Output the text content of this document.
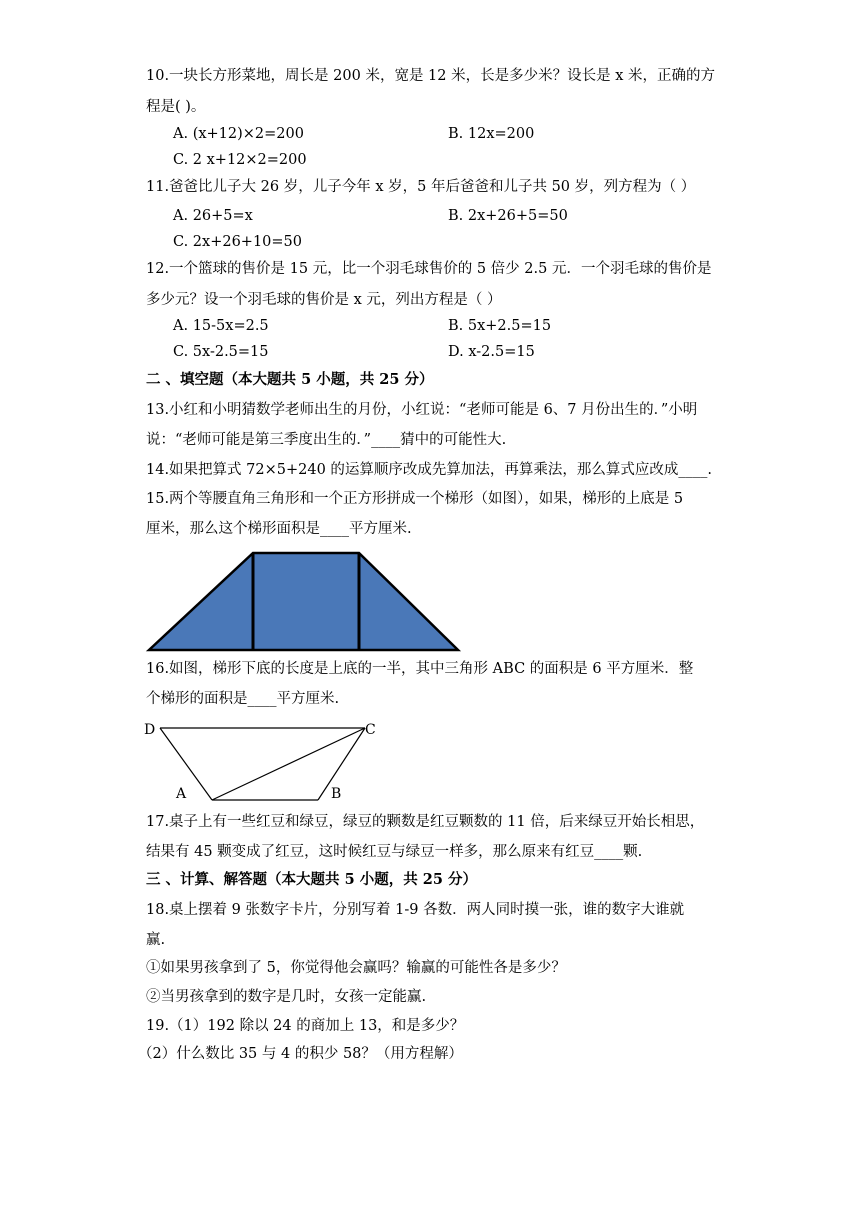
10.一块长方形菜地，周长是 200 米，宽是 12 米，长是多少米？设长是 x 米，正确的方
程是( )。
A. (x+12)×2=200	B. 12x=200
C. 2 x+12×2=200
11.爸爸比儿子大 26 岁，儿子今年 x 岁，5 年后爸爸和儿子共 50 岁，列方程为（ ）
A. 26+5=x	B. 2x+26+5=50
C. 2x+26+10=50
12.一个篮球的售价是 15 元，比一个羽毛球售价的 5 倍少 2.5 元．一个羽毛球的售价是
多少元？设一个羽毛球的售价是 x 元，列出方程是（ ）
A. 15-5x=2.5	B. 5x+2.5=15
C. 5x-2.5=15	D. x-2.5=15
二 、填空题（本大题共 5 小题，共 25 分）
13.小红和小明猜数学老师出生的月份，小红说：“老师可能是 6、7 月份出生的．”小明
说：“老师可能是第三季度出生的．”____猜中的可能性大.
14.如果把算式 72×5+240 的运算顺序改成先算加法，再算乘法，那么算式应改成____.
15.两个等腰直角三角形和一个正方形拼成一个梯形（如图），如果，梯形的上底是 5
厘米，那么这个梯形面积是____平方厘米.
16.如图，梯形下底的长度是上底的一半，其中三角形 ABC 的面积是 6 平方厘米．整
个梯形的面积是____平方厘米.
D	C
A	B
17.桌子上有一些红豆和绿豆，绿豆的颗数是红豆颗数的 11 倍，后来绿豆开始长相思，
结果有 45 颗变成了红豆，这时候红豆与绿豆一样多，那么原来有红豆____颗.
三 、计算、解答题（本大题共 5 小题，共 25 分）
18.桌上摆着 9 张数字卡片，分别写着 1-9 各数．两人同时摸一张，谁的数字大谁就
赢.
①如果男孩拿到了 5，你觉得他会赢吗？输赢的可能性各是多少？
②当男孩拿到的数字是几时，女孩一定能赢.
19.（1）192 除以 24 的商加上 13，和是多少？
（2）什么数比 35 与 4 的积少 58？（用方程解）
